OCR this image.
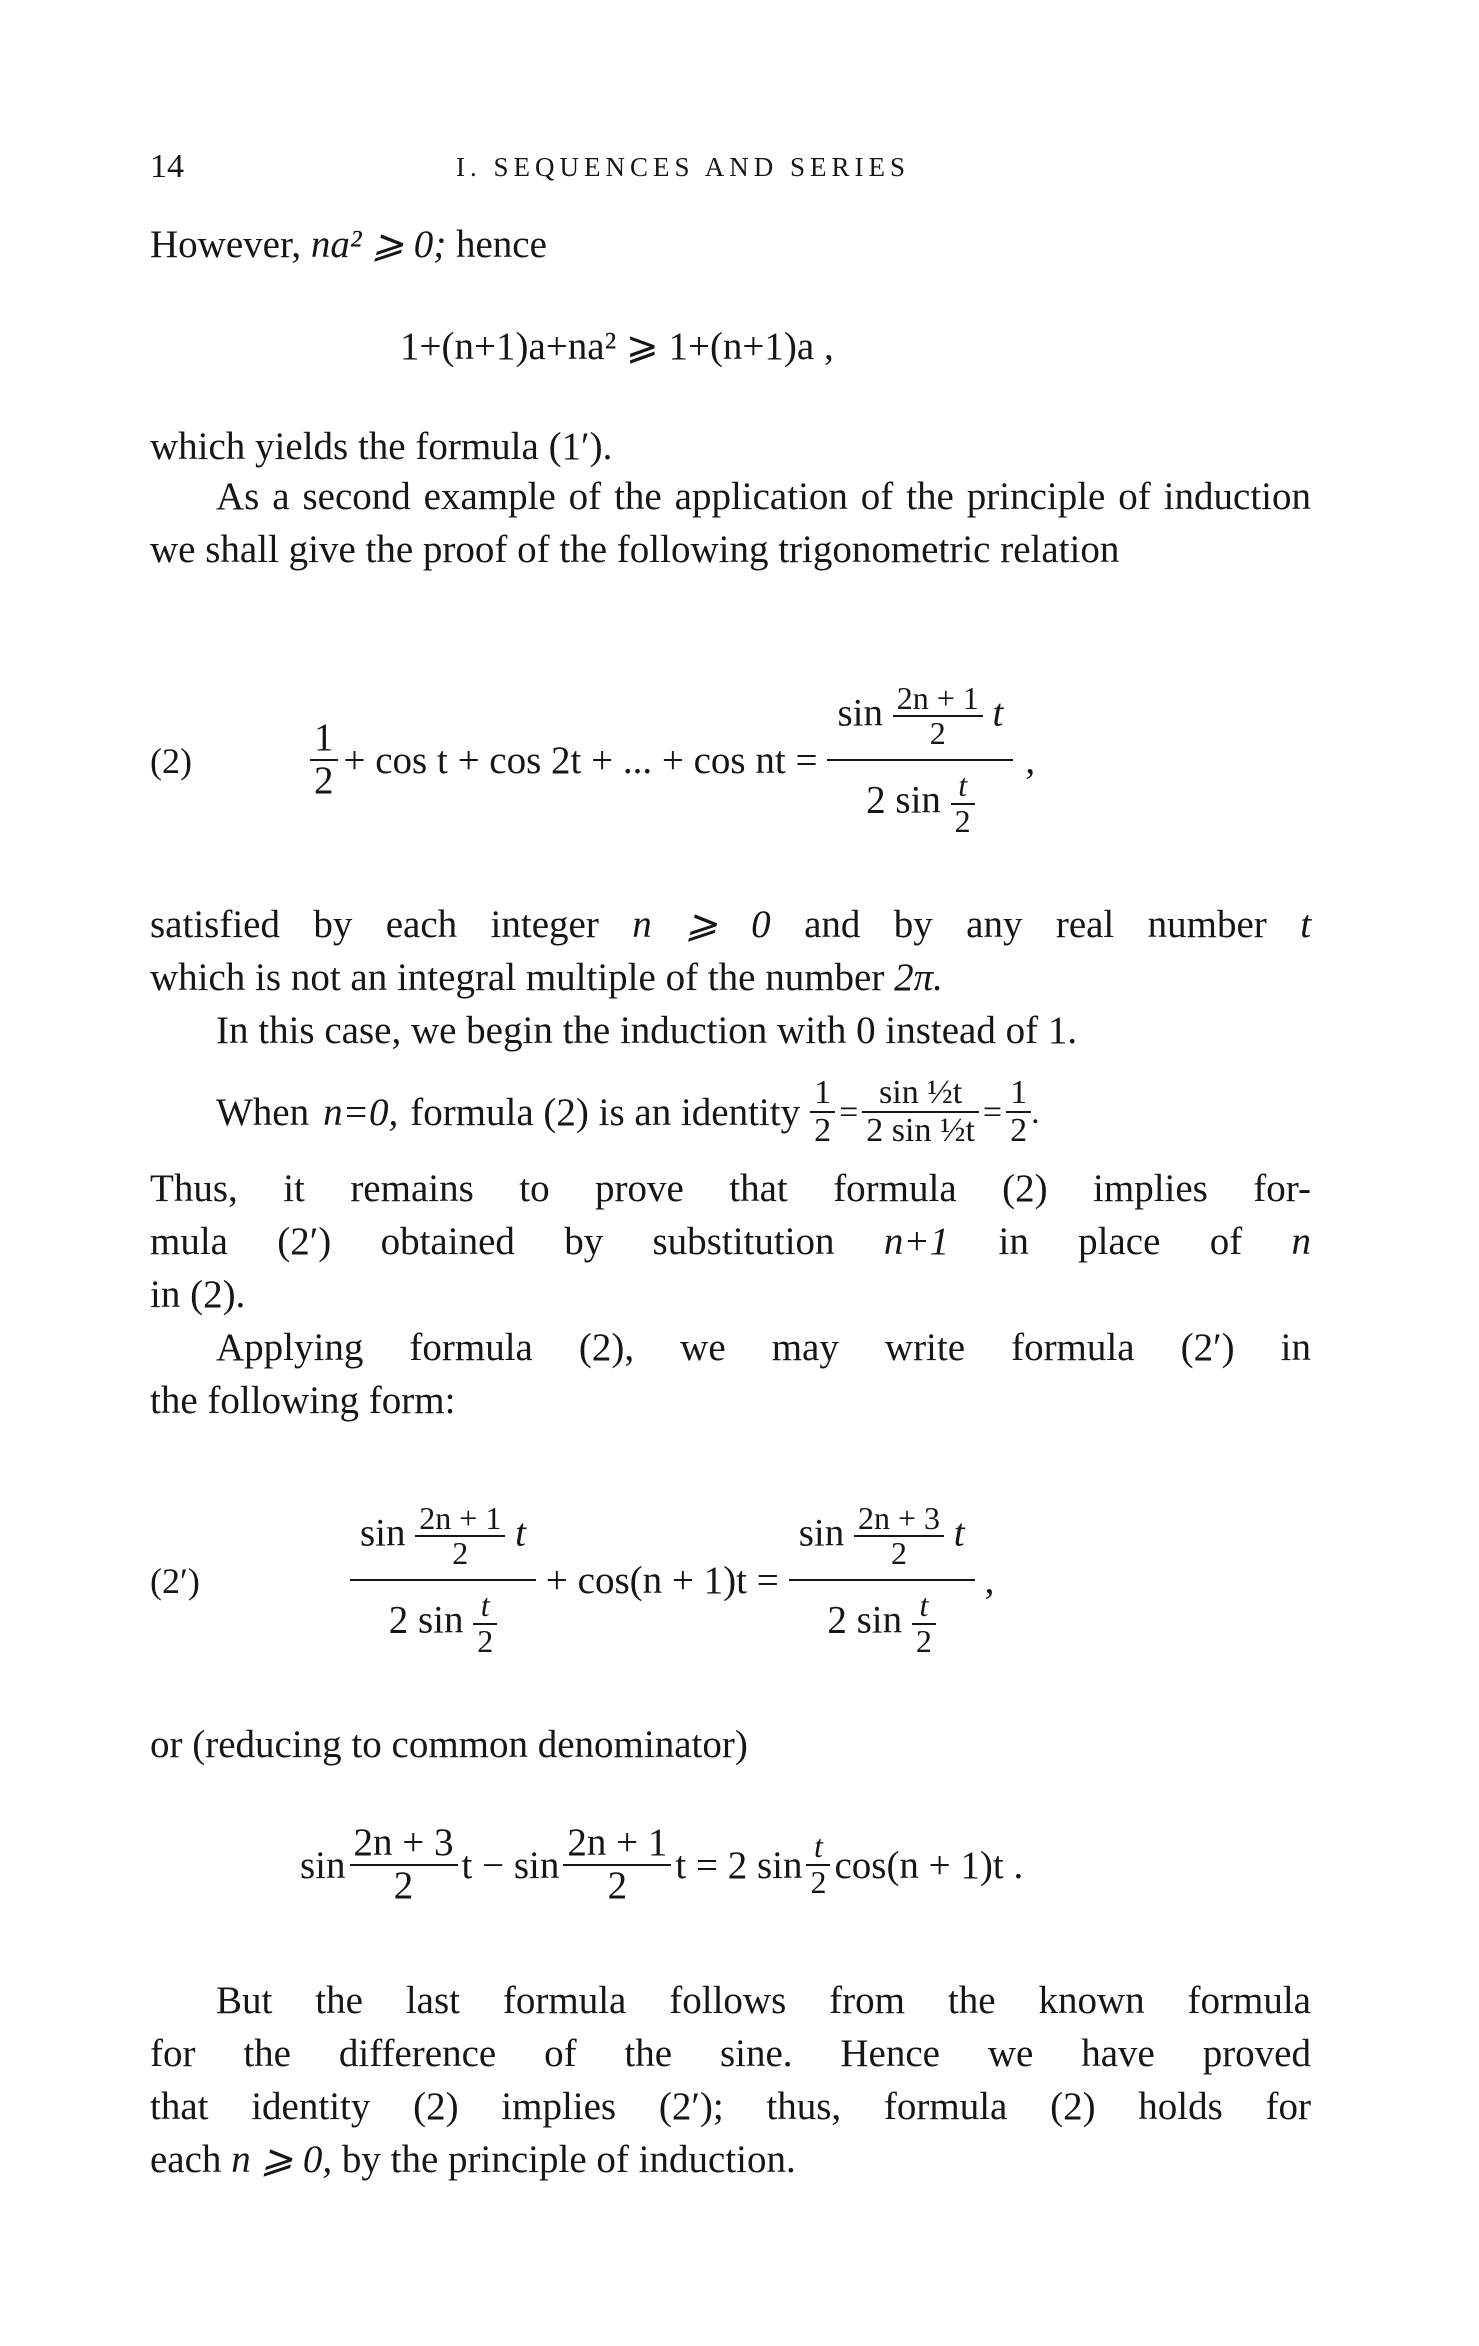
14	I. SEQUENCES AND SERIES
However, na² ⩾ 0; hence
1+(n+1)a+na² ⩾ 1+(n+1)a ,
which yields the formula (1′).
As a second example of the application of the principle of induction we shall give the proof of the following trigonometric relation
(2)	$\frac{1}{2} + \cos t + \cos 2t$ + ... + cos nt = $\frac{\sin \frac{2n + 1}{2} t}{2 \sin \frac{t}{2}}$ ,
satisfied by each integer n ⩾ 0 and by any real number t
which is not an integral multiple of the number 2π.
In this case, we begin the induction with 0 instead of 1.
When n=0, formula (2) is an identity $\frac{1}{2} = \frac{\text{sin ½t}}{\text{2 sin ½t}} = \frac{1}{2}$ .
Thus, it remains to prove that formula (2) implies for-
mula (2′) obtained by substitution n+1 in place of n
in (2).
Applying formula (2), we may write formula (2′) in
the following form:
(2′)	$\frac{\sin \frac{2n + 1}{2} t}{2 \sin \frac{t}{2}} + \cos(n + 1)t = \frac{\sin \frac{2n + 3}{2} t}{2 \sin \frac{t}{2}}$ ,
or (reducing to common denominator)
$\sin \frac{2n + 3}{2}$ $t - \sin \frac{2n + 1}{2}$ t = 2 $\sin \frac{t}{2} \cos(n + 1)t$ .
But the last formula follows from the known formula
for the difference of the sine. Hence we have proved
that identity (2) implies (2′); thus, formula (2) holds for
each n ⩾ 0, by the principle of induction.
